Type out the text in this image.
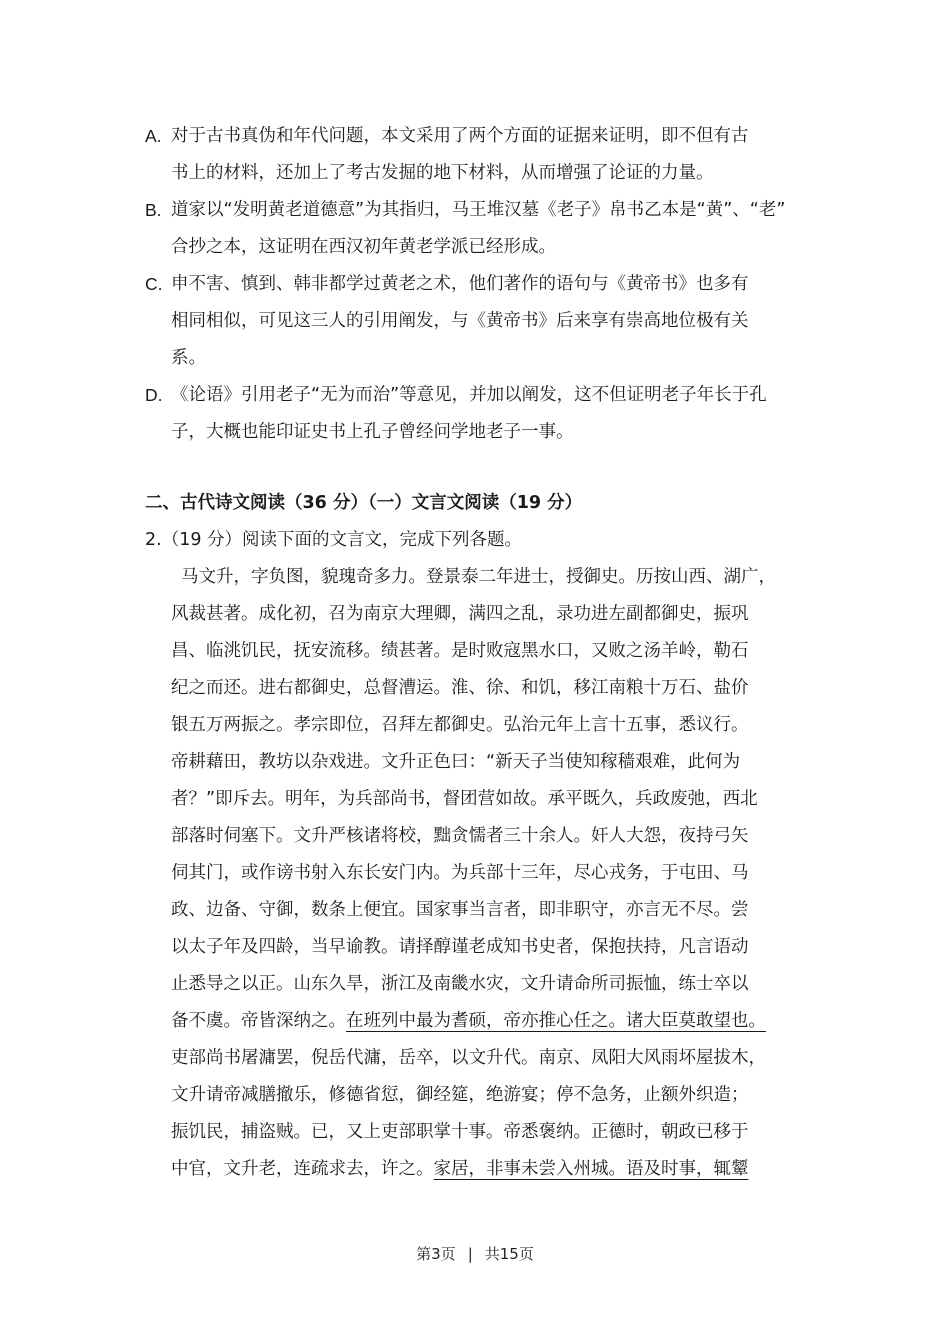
A. 对于古书真伪和年代问题，本文采用了两个方面的证据来证明，即不但有古
书上的材料，还加上了考古发掘的地下材料，从而增强了论证的力量。
B. 道家以“发明黄老道德意”为其指归，马王堆汉墓《老子》帛书乙本是“黄”、“老”
合抄之本，这证明在西汉初年黄老学派已经形成。
C. 申不害、慎到、韩非都学过黄老之术，他们著作的语句与《黄帝书》也多有
相同相似，可见这三人的引用阐发，与《黄帝书》后来享有崇高地位极有关
系。
D. 《论语》引用老子“无为而治”等意见，并加以阐发，这不但证明老子年长于孔
子，大概也能印证史书上孔子曾经问学地老子一事。
二、古代诗文阅读（36 分）（一）文言文阅读（19 分）
2.（19 分）阅读下面的文言文，完成下列各题。
马文升，字负图，貌瑰奇多力。登景泰二年进士，授御史。历按山西、湖广，
风裁甚著。成化初，召为南京大理卿，满四之乱，录功进左副都御史，振巩
昌、临洮饥民，抚安流移。绩甚著。是时败寇黑水口，又败之汤羊岭，勒石
纪之而还。进右都御史，总督漕运。淮、徐、和饥，移江南粮十万石、盐价
银五万两振之。孝宗即位，召拜左都御史。弘治元年上言十五事，悉议行。
帝耕藉田，教坊以杂戏进。文升正色曰：“新天子当使知稼穑艰难，此何为
者？”即斥去。明年，为兵部尚书，督团营如故。承平既久，兵政废弛，西北
部落时伺塞下。文升严核诸将校，黜贪懦者三十余人。奸人大怨，夜持弓矢
伺其门，或作谤书射入东长安门内。为兵部十三年，尽心戎务，于屯田、马
政、边备、守御，数条上便宜。国家事当言者，即非职守，亦言无不尽。尝
以太子年及四龄，当早谕教。请择醇谨老成知书史者，保抱扶持，凡言语动
止悉导之以正。山东久旱，浙江及南畿水灾，文升请命所司振恤，练士卒以
备不虞。帝皆深纳之。在班列中最为耆硕，帝亦推心任之。诸大臣莫敢望也。
吏部尚书屠滽罢，倪岳代滽，岳卒，以文升代。南京、凤阳大风雨坏屋拔木，
文升请帝减膳撤乐，修德省愆，御经筵，绝游宴；停不急务，止额外织造；
振饥民，捕盗贼。已，又上吏部职掌十事。帝悉褒纳。正德时，朝政已移于
中官，文升老，连疏求去，许之。家居，非事未尝入州城。语及时事，辄颦
第3页 | 共15页
